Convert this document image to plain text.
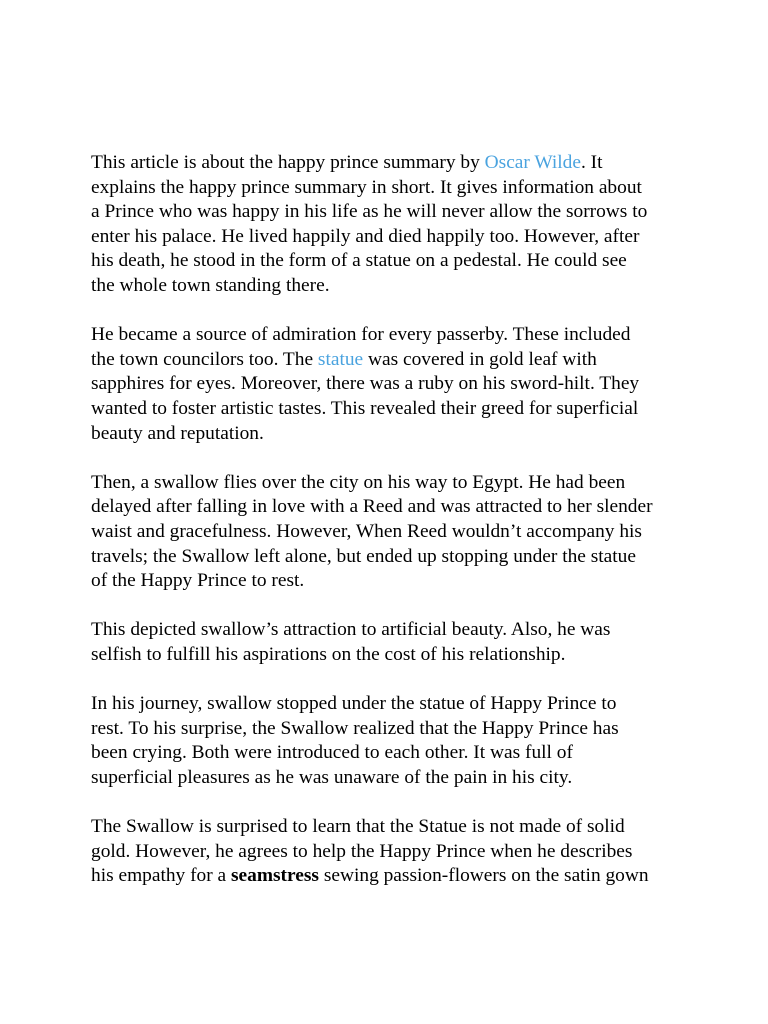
This article is about the happy prince summary by Oscar Wilde. It
explains the happy prince summary in short. It gives information about
a Prince who was happy in his life as he will never allow the sorrows to
enter his palace. He lived happily and died happily too. However, after
his death, he stood in the form of a statue on a pedestal. He could see
the whole town standing there.

He became a source of admiration for every passerby. These included
the town councilors too. The statue was covered in gold leaf with
sapphires for eyes. Moreover, there was a ruby on his sword-hilt. They
wanted to foster artistic tastes. This revealed their greed for superficial
beauty and reputation.

Then, a swallow flies over the city on his way to Egypt. He had been
delayed after falling in love with a Reed and was attracted to her slender
waist and gracefulness. However, When Reed wouldn’t accompany his
travels; the Swallow left alone, but ended up stopping under the statue
of the Happy Prince to rest.

This depicted swallow’s attraction to artificial beauty. Also, he was
selfish to fulfill his aspirations on the cost of his relationship.

In his journey, swallow stopped under the statue of Happy Prince to
rest. To his surprise, the Swallow realized that the Happy Prince has
been crying. Both were introduced to each other. It was full of
superficial pleasures as he was unaware of the pain in his city.

The Swallow is surprised to learn that the Statue is not made of solid
gold. However, he agrees to help the Happy Prince when he describes
his empathy for a seamstress sewing passion-flowers on the satin gown
